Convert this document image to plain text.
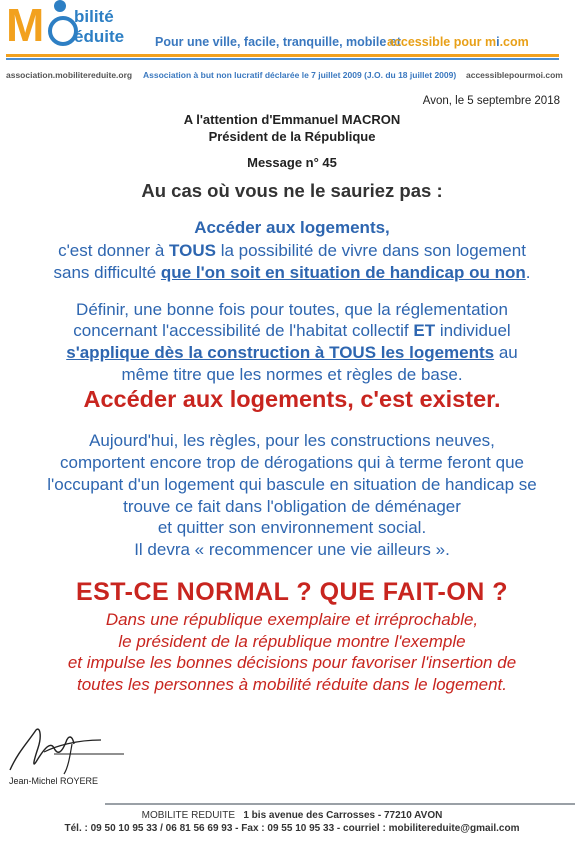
M bilité
éduite Pour une ville, facile, tranquille, mobile et
accessible pour mi.com
association.mobilitereduite.org Association à but non lucratif déclarée le 7 juillet 2009 (J.O. du 18 juillet 2009) accessiblepourmoi.com
Avon, le 5 septembre 2018
A l'attention d'Emmanuel MACRON
Président de la République
Message n° 45
Au cas où vous ne le sauriez pas :
Accéder aux logements,
c'est donner à TOUS la possibilité de vivre dans son logement
sans difficulté que l'on soit en situation de handicap ou non.
Définir, une bonne fois pour toutes, que la réglementation
concernant l'accessibilité de l'habitat collectif ET individuel
s'applique dès la construction à TOUS les logements au
même titre que les normes et règles de base.
Accéder aux logements, c'est exister.
Aujourd'hui, les règles, pour les constructions neuves,
comportent encore trop de dérogations qui à terme feront que
l'occupant d'un logement qui bascule en situation de handicap se
trouve ce fait dans l'obligation de déménager
et quitter son environnement social.
Il devra « recommencer une vie ailleurs ».
EST-CE NORMAL ? QUE FAIT-ON ?
Dans une république exemplaire et irréprochable,
le président de la république montre l'exemple
et impulse les bonnes décisions pour favoriser l'insertion de
toutes les personnes à mobilité réduite dans le logement.
Jean-Michel ROYERE
MOBILITE REDUITE 1 bis avenue des Carrosses - 77210 AVON
Tél. : 09 50 10 95 33 / 06 81 56 69 93 - Fax : 09 55 10 95 33 - courriel : mobilitereduite@gmail.com
